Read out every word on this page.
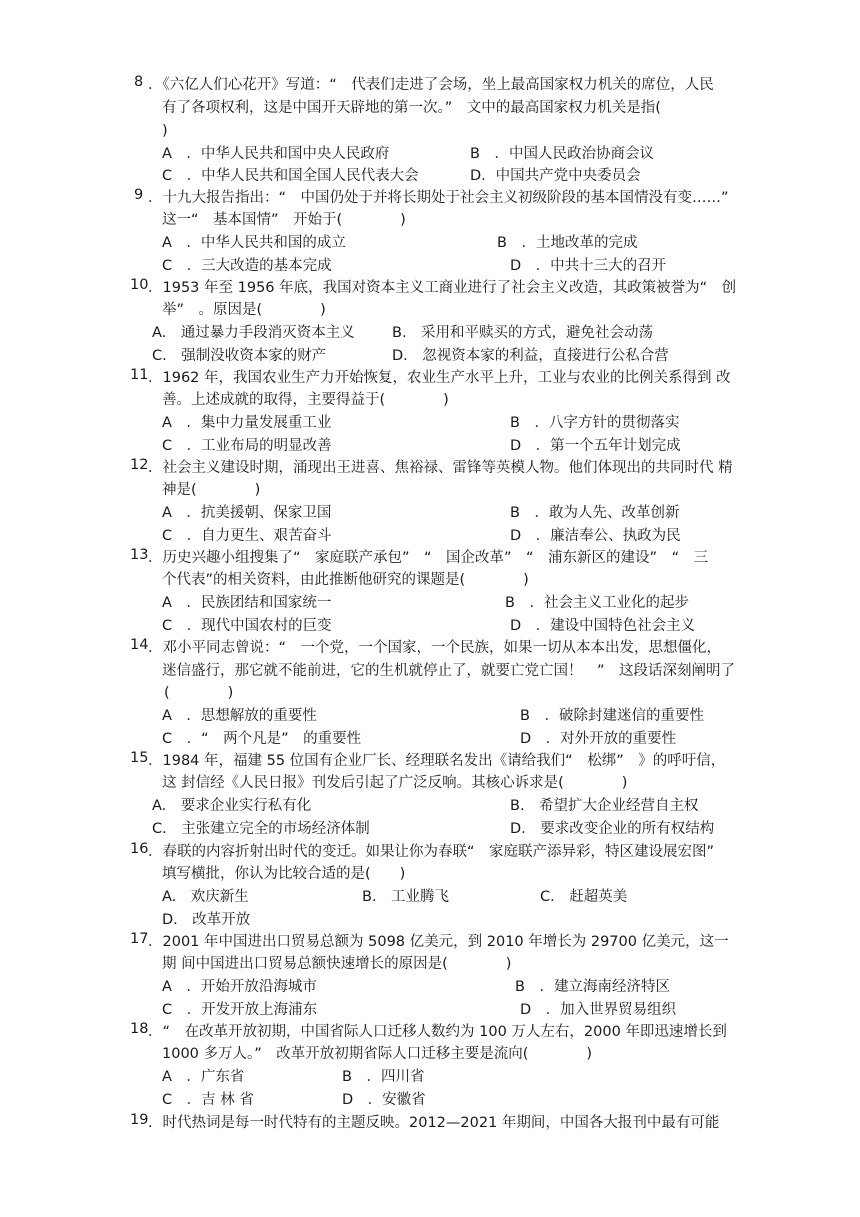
8 ．《六亿人们心花开》写道：“　代表们走进了会场，坐上最高国家权力机关的席位，人民
有了各项权利，这是中国开天辟地的第一次。”　文中的最高国家权力机关是指(
)
A　．中华人民共和国中央人民政府	B　．中国人民政治协商会议
C　．中华人民共和国全国人民代表大会	D．中国共产党中央委员会
9 ．十九大报告指出：“　中国仍处于并将长期处于社会主义初级阶段的基本国情没有变……”
这一“　基本国情”　开始于(　　　　)
A　．中华人民共和国的成立	B　．土地改革的完成
C　．三大改造的基本完成	D　．中共十三大的召开
10 ．1953 年至 1956 年底，我国对资本主义工商业进行了社会主义改造，其政策被誉为“　创
举”　。原因是(　　　　)
A.　通过暴力手段消灭资本主义	B.　采用和平赎买的方式，避免社会动荡
C.　强制没收资本家的财产	D.　忽视资本家的利益，直接进行公私合营
11 ．1962 年，我国农业生产力开始恢复，农业生产水平上升，工业与农业的比例关系得到 改
善。上述成就的取得，主要得益于(　　　　)
A　．集中力量发展重工业	B　．八字方针的贯彻落实
C　．工业布局的明显改善	D　．第一个五年计划完成
12 ．社会主义建设时期，涌现出王进喜、焦裕禄、雷锋等英模人物。他们体现出的共同时代 精
神是(　　　　)
A　．抗美援朝、保家卫国	B　．敢为人先、改革创新
C　．自力更生、艰苦奋斗	D　．廉洁奉公、执政为民
13 ．历史兴趣小组搜集了“　家庭联产承包”　“　国企改革”　“　浦东新区的建设”　“　三
个代表”的相关资料，由此推断他研究的课题是(　　　　)
A　．民族团结和国家统一	B　．社会主义工业化的起步
C　．现代中国农村的巨变	D　．建设中国特色社会主义
14 ．邓小平同志曾说：“　一个党，一个国家，一个民族，如果一切从本本出发，思想僵化，
迷信盛行，那它就不能前进，它的生机就停止了，就要亡党亡国！　”　这段话深刻阐明了
(　　　　)
A　．思想解放的重要性	B　．破除封建迷信的重要性
C　．“　两个凡是”　的重要性	D　．对外开放的重要性
15 ．1984 年，福建 55 位国有企业厂长、经理联名发出《请给我们“　松绑”　》的呼吁信，
这 封信经《人民日报》刊发后引起了广泛反响。其核心诉求是(　　　　)
A.　要求企业实行私有化	B.　希望扩大企业经营自主权
C.　主张建立完全的市场经济体制	D.　要求改变企业的所有权结构
16 ．春联的内容折射出时代的变迁。如果让你为春联“　家庭联产添异彩，特区建设展宏图”
填写横批，你认为比较合适的是(　　)
A.　欢庆新生	B.　工业腾飞	C.　赶超英美
D.　改革开放
17 ．2001 年中国进出口贸易总额为 5098 亿美元，到 2010 年增长为 29700 亿美元，这一
期 间中国进出口贸易总额快速增长的原因是(　　　　)
A　．开始开放沿海城市	B　．建立海南经济特区
C　．开发开放上海浦东	D　．加入世界贸易组织
18 ．“　在改革开放初期，中国省际人口迁移人数约为 100 万人左右，2000 年即迅速增长到
1000 多万人。”　改革开放初期省际人口迁移主要是流向(　　　　)
A　．广东省	B　．四川省
C　．吉 林 省	D　．安徽省
19 ．时代热词是每一时代特有的主题反映。2012—2021 年期间，中国各大报刊中最有可能
